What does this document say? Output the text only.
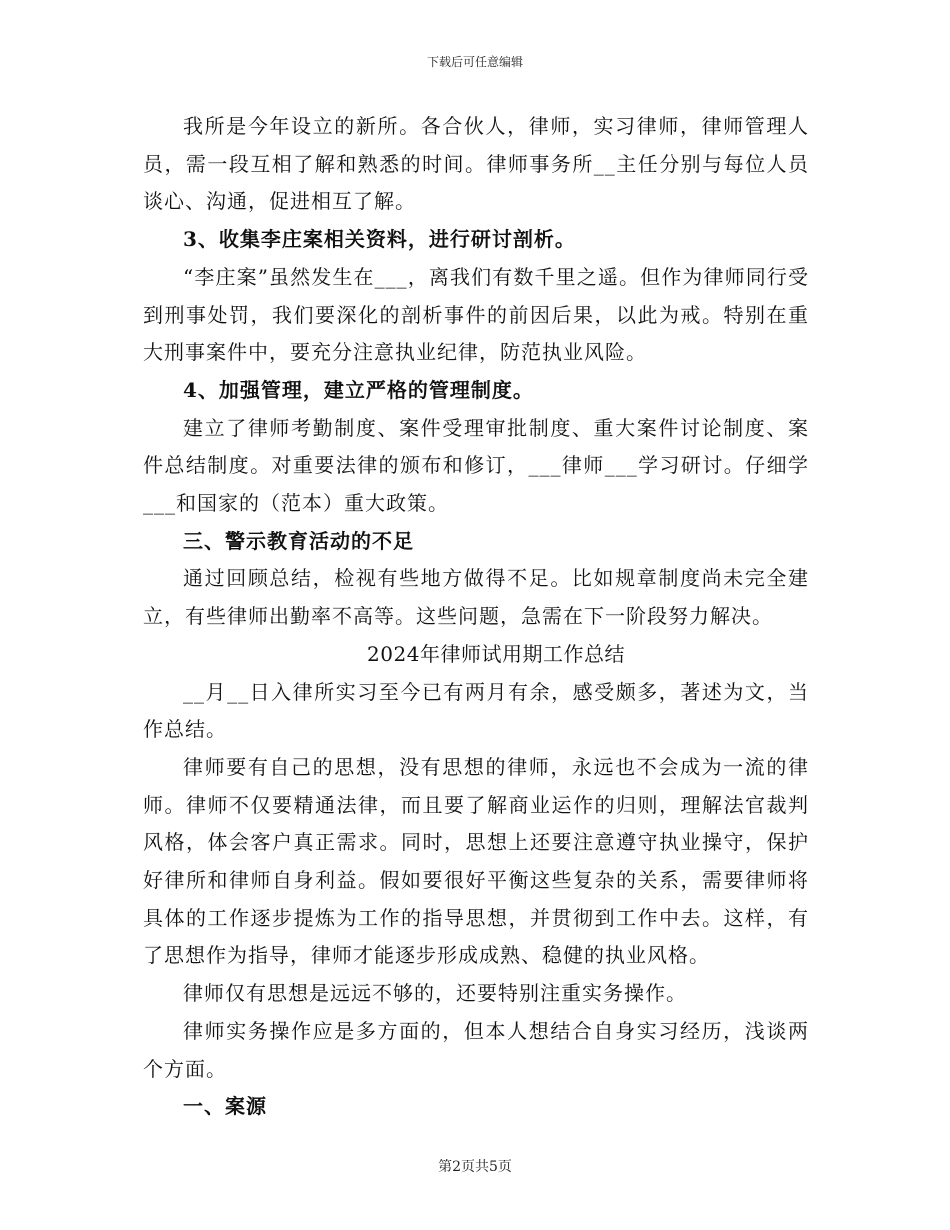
下载后可任意编辑

我所是今年设立的新所。各合伙人，律师，实习律师，律师管理人员，需一段互相了解和熟悉的时间。律师事务所__主任分别与每位人员谈心、沟通，促进相互了解。

3、收集李庄案相关资料，进行研讨剖析。

“李庄案”虽然发生在___，离我们有数千里之遥。但作为律师同行受到刑事处罚，我们要深化的剖析事件的前因后果，以此为戒。特别在重大刑事案件中，要充分注意执业纪律，防范执业风险。

4、加强管理，建立严格的管理制度。

建立了律师考勤制度、案件受理审批制度、重大案件讨论制度、案件总结制度。对重要法律的颁布和修订，___律师___学习研讨。仔细学___和国家的（范本）重大政策。

三、警示教育活动的不足

通过回顾总结，检视有些地方做得不足。比如规章制度尚未完全建立，有些律师出勤率不高等。这些问题，急需在下一阶段努力解决。

2024年律师试用期工作总结

__月__日入律所实习至今已有两月有余，感受颇多，著述为文，当作总结。

律师要有自己的思想，没有思想的律师，永远也不会成为一流的律师。律师不仅要精通法律，而且要了解商业运作的归则，理解法官裁判风格，体会客户真正需求。同时，思想上还要注意遵守执业操守，保护好律所和律师自身利益。假如要很好平衡这些复杂的关系，需要律师将具体的工作逐步提炼为工作的指导思想，并贯彻到工作中去。这样，有了思想作为指导，律师才能逐步形成成熟、稳健的执业风格。

律师仅有思想是远远不够的，还要特别注重实务操作。

律师实务操作应是多方面的，但本人想结合自身实习经历，浅谈两个方面。

一、案源

第2页共5页
